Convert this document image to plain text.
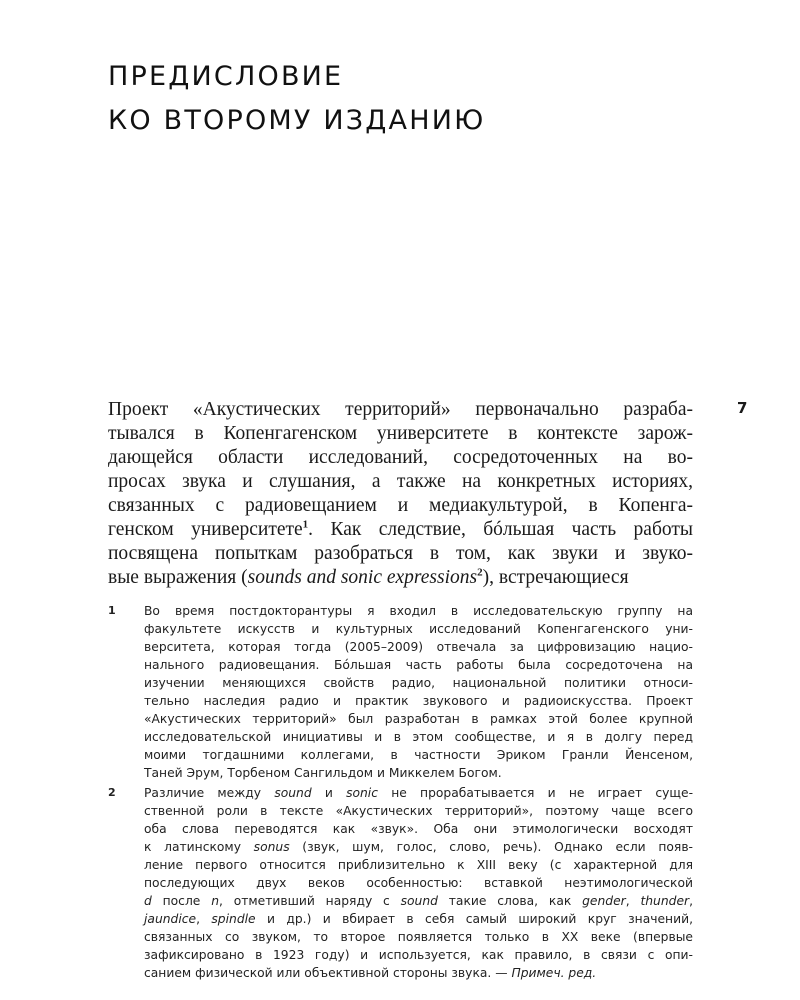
ПРЕДИСЛОВИЕ
КО ВТОРОМУ ИЗДАНИЮ
7
Проект «Акустических территорий» первоначально разраба-
тывался в Копенгагенском университете в контексте зарож-
дающейся области исследований, сосредоточенных на во-
просах звука и слушания, а также на конкретных историях,
связанных с радиовещанием и медиакультурой, в Копенга-
генском университете$^1$. Как следствие, бóльшая часть работы
посвящена попыткам разобраться в том, как звуки и звуко-
вые выражения (sounds and sonic expressions$^2$), встречающиеся
1 Во время постдокторантуры я входил в исследовательскую группу на
факультете искусств и культурных исследований Копенгагенского уни-
верситета, которая тогда (2005–2009) отвечала за цифровизацию нацио-
нального радиовещания. Бóльшая часть работы была сосредоточена на
изучении меняющихся свойств радио, национальной политики относи-
тельно наследия радио и практик звукового и радиоискусства. Проект
«Акустических территорий» был разработан в рамках этой более крупной
исследовательской инициативы и в этом сообществе, и я в долгу перед
моими тогдашними коллегами, в частности Эриком Гранли Йенсеном,
Таней Эрум, Торбеном Сангильдом и Миккелем Богом.
2 Различие между sound и sonic не прорабатывается и не играет суще-
ственной роли в тексте «Акустических территорий», поэтому чаще всего
оба слова переводятся как «звук». Оба они этимологически восходят
к латинскому sonus (звук, шум, голос, слово, речь). Однако если появ-
ление первого относится приблизительно к XIII веку (с характерной для
последующих двух веков особенностью: вставкой неэтимологической
d после n, отметивший наряду с sound такие слова, как gender, thunder,
jaundice, spindle и др.) и вбирает в себя самый широкий круг значений,
связанных со звуком, то второе появляется только в XX веке (впервые
зафиксировано в 1923 году) и используется, как правило, в связи с опи-
санием физической или объективной стороны звука. — Примеч. ред.
